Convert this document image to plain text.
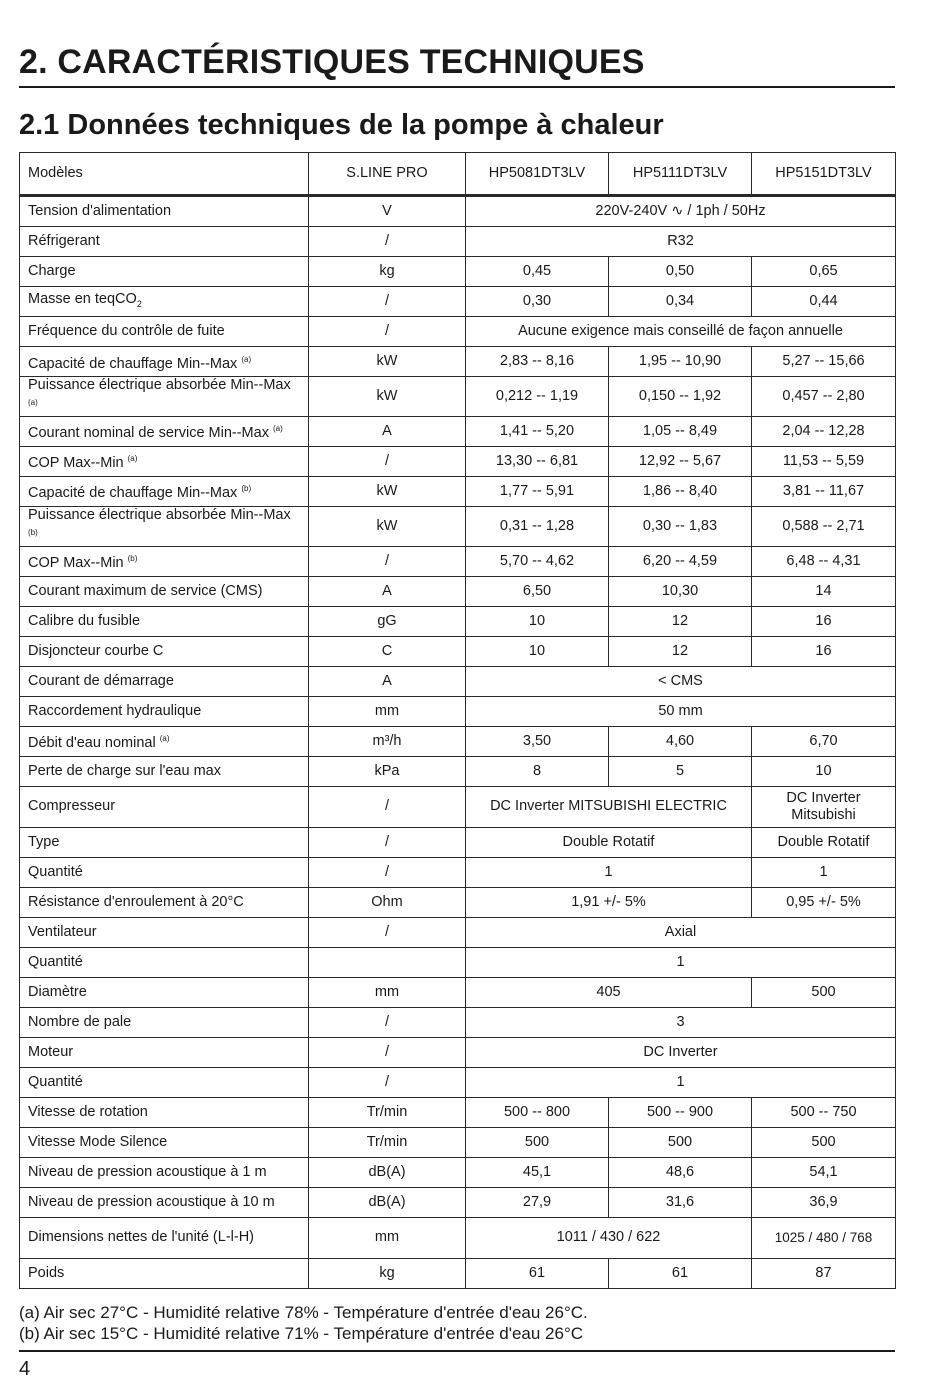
2. CARACTÉRISTIQUES TECHNIQUES
2.1 Données techniques de la pompe à chaleur
Modèles	S.LINE PRO	HP5081DT3LV	HP5111DT3LV	HP5151DT3LV
Tension d'alimentation	V	220V-240V ∿ / 1ph / 50Hz		
Réfrigerant	/	R32		
Charge	kg	0,45	0,50	0,65
Masse en teqCO$_2$	/	0,30	0,34	0,44
Fréquence du contrôle de fuite	/	Aucune exigence mais conseillé de façon annuelle		
Capacité de chauffage Min--Max $^{(a)}$	kW	2,83 -- 8,16	1,95 -- 10,90	5,27 -- 15,66
Puissance électrique absorbée Min--Max $^{(a)}$	kW	0,212 -- 1,19	0,150 -- 1,92	0,457 -- 2,80
Courant nominal de service Min--Max $^{(a)}$	A	1,41 -- 5,20	1,05 -- 8,49	2,04 -- 12,28
COP Max--Min $^{(a)}$	/	13,30 -- 6,81	12,92 -- 5,67	11,53 -- 5,59
Capacité de chauffage Min--Max $^{(b)}$	kW	1,77 -- 5,91	1,86 -- 8,40	3,81 -- 11,67
Puissance électrique absorbée Min--Max $^{(b)}$	kW	0,31 -- 1,28	0,30 -- 1,83	0,588 -- 2,71
COP Max--Min $^{(b)}$	/	5,70 -- 4,62	6,20 -- 4,59	6,48 -- 4,31
Courant maximum de service (CMS)	A	6,50	10,30	14
Calibre du fusible	gG	10	12	16
Disjoncteur courbe C	C	10	12	16
Courant de démarrage	A	< CMS		
Raccordement hydraulique	mm	50 mm		
Débit d'eau nominal $^{(a)}$	m³/h	3,50	4,60	6,70
Perte de charge sur l'eau max	kPa	8	5	10
Compresseur	/	DC Inverter MITSUBISHI ELECTRIC		DC Inverter Mitsubishi
Type	/	Double Rotatif		Double Rotatif
Quantité	/	1		1
Résistance d'enroulement à 20°C	Ohm	1,91 +/- 5%		0,95 +/- 5%
Ventilateur	/	Axial		
Quantité		1		
Diamètre	mm	405		500
Nombre de pale	/	3		
Moteur	/	DC Inverter		
Quantité	/	1		
Vitesse de rotation	Tr/min	500 -- 800	500 -- 900	500 -- 750
Vitesse Mode Silence	Tr/min	500	500	500
Niveau de pression acoustique à 1 m	dB(A)	45,1	48,6	54,1
Niveau de pression acoustique à 10 m	dB(A)	27,9	31,6	36,9
Dimensions nettes de l'unité (L-l-H)	mm	1011 / 430 / 622		1025 / 480 / 768
Poids	kg	61	61	87
(a) Air sec 27°C - Humidité relative 78% - Température d'entrée d'eau 26°C.
(b) Air sec 15°C - Humidité relative 71% - Température d'entrée d'eau 26°C
4
